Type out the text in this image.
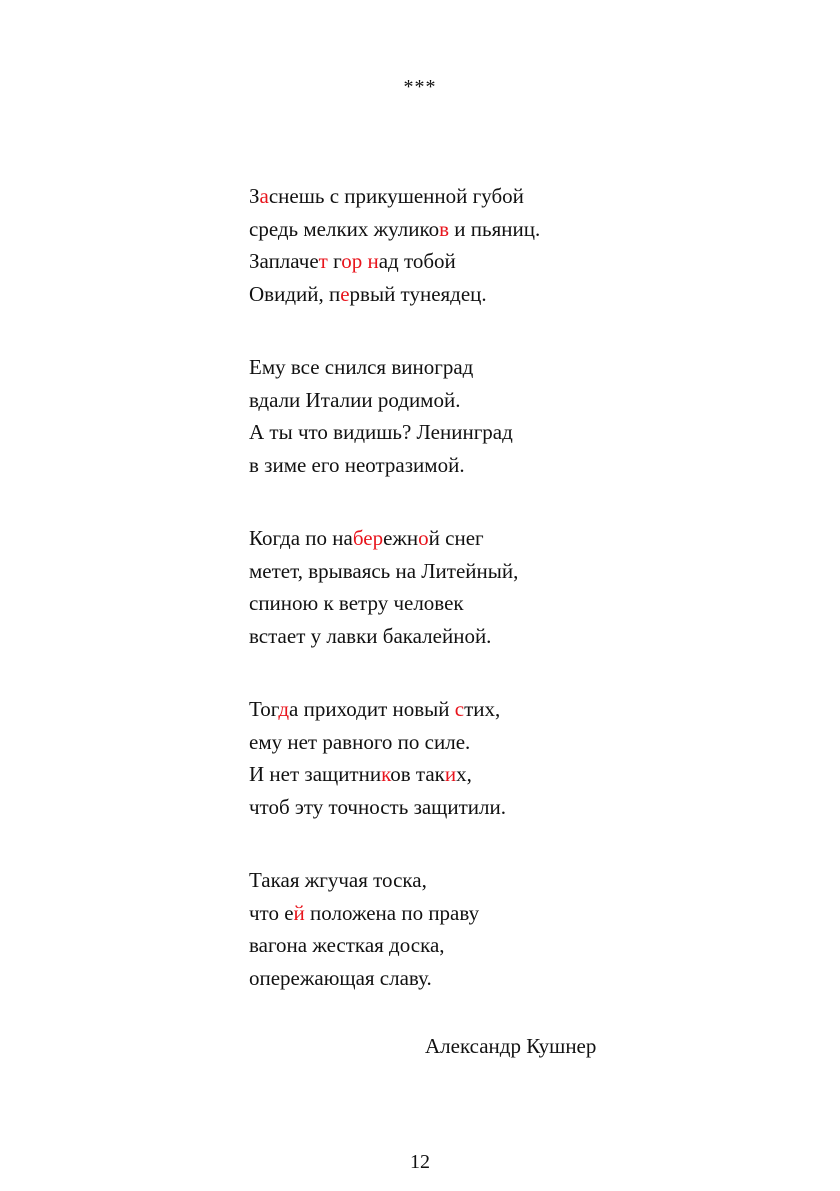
***
Заснешь с прикушенной губой
средь мелких жуликов и пьяниц.
Заплачет гор над тобой
Овидий, первый тунеядец.
Ему все снился виноград
вдали Италии родимой.
А ты что видишь? Ленинград
в зиме его неотразимой.
Когда по набережной снег
метет, врываясь на Литейный,
спиною к ветру человек
встает у лавки бакалейной.
Тогда приходит новый стих,
ему нет равного по силе.
И нет защитников таких,
чтоб эту точность защитили.
Такая жгучая тоска,
что ей положена по праву
вагона жесткая доска,
опережающая славу.
Александр Кушнер
12
